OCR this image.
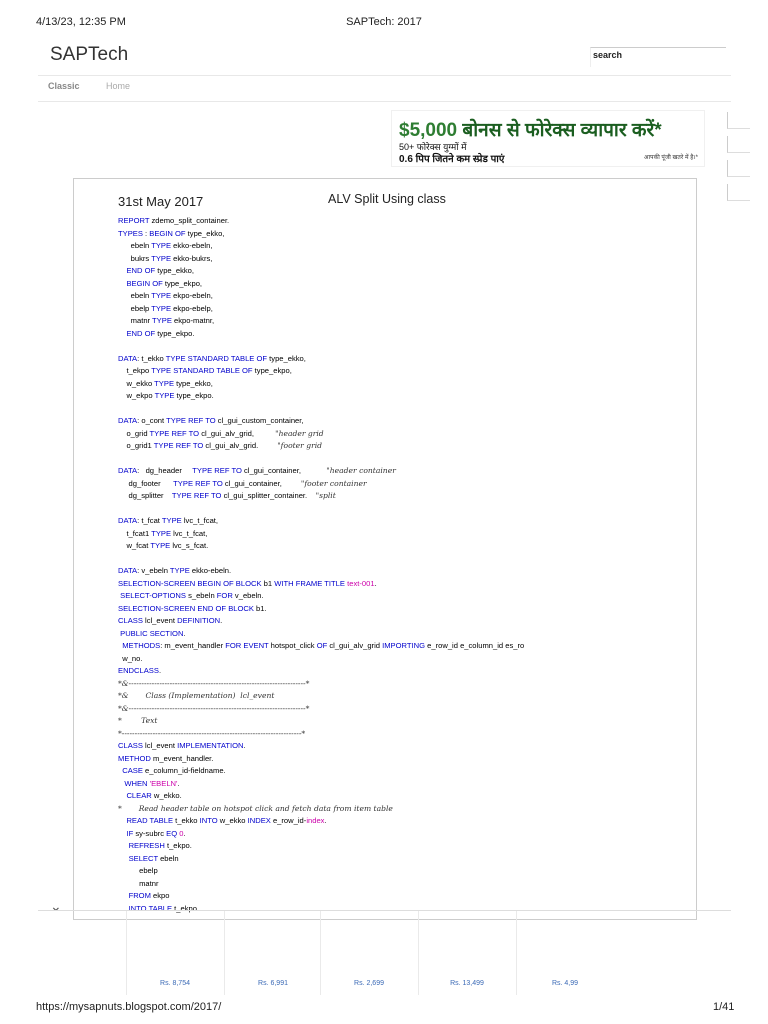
4/13/23, 12:35 PM	SAPTech: 2017
SAPTech	search
Classic	Home
$5,000 बोनस से फोरेक्स व्यापार करें*
50+ फोरेक्स युग्मों में
0.6 पिप जितने कम स्प्रेड पाएं	आपकी पूंजी खतरे में है।*
31st May 2017	ALV Split Using class
REPORT zdemo_split_container.
TYPES : BEGIN OF type_ekko,
ebeln TYPE ekko-ebeln,
bukrs TYPE ekko-bukrs,
END OF type_ekko,
BEGIN OF type_ekpo,
ebeln TYPE ekpo-ebeln,
ebelp TYPE ekpo-ebelp,
matnr TYPE ekpo-matnr,
END OF type_ekpo.

DATA: t_ekko TYPE STANDARD TABLE OF type_ekko,
t_ekpo TYPE STANDARD TABLE OF type_ekpo,
w_ekko TYPE type_ekko,
w_ekpo TYPE type_ekpo.

DATA: o_cont TYPE REF TO cl_gui_custom_container,
o_grid TYPE REF TO cl_gui_alv_grid,          "header grid
o_grid1 TYPE REF TO cl_gui_alv_grid.         "footer grid

DATA:   dg_header     TYPE REF TO cl_gui_container,            "header container
dg_footer      TYPE REF TO cl_gui_container,         "footer container
dg_splitter    TYPE REF TO cl_gui_splitter_container.    "split

DATA: t_fcat TYPE lvc_t_fcat,
t_fcat1 TYPE lvc_t_fcat,
w_fcat TYPE lvc_s_fcat.

DATA: v_ebeln TYPE ekko-ebeln.
SELECTION-SCREEN BEGIN OF BLOCK b1 WITH FRAME TITLE text-001.
SELECT-OPTIONS s_ebeln FOR v_ebeln.
SELECTION-SCREEN END OF BLOCK b1.
CLASS lcl_event DEFINITION.
PUBLIC SECTION.
METHODS: m_event_handler FOR EVENT hotspot_click OF cl_gui_alv_grid IMPORTING e_row_id e_column_id es_ro
w_no.
ENDCLASS.
*&---------------------------------------------------------------------*
*&       Class (Implementation)  lcl_event
*&---------------------------------------------------------------------*
*        Text
*----------------------------------------------------------------------*
CLASS lcl_event IMPLEMENTATION.
METHOD m_event_handler.
CASE e_column_id-fieldname.
WHEN 'EBELN'.
CLEAR w_ekko.
*       Read header table on hotspot click and fetch data from item table
READ TABLE t_ekko INTO w_ekko INDEX e_row_id-index.
IF sy-subrc EQ 0.
REFRESH t_ekpo.
SELECT ebeln
ebelp
matnr
FROM ekpo
INTO TABLE t_ekpo
⌄
Rs. 8,754	Rs. 6,991	Rs. 2,699	Rs. 13,499	Rs. 4,99
https://mysapnuts.blogspot.com/2017/	1/41
